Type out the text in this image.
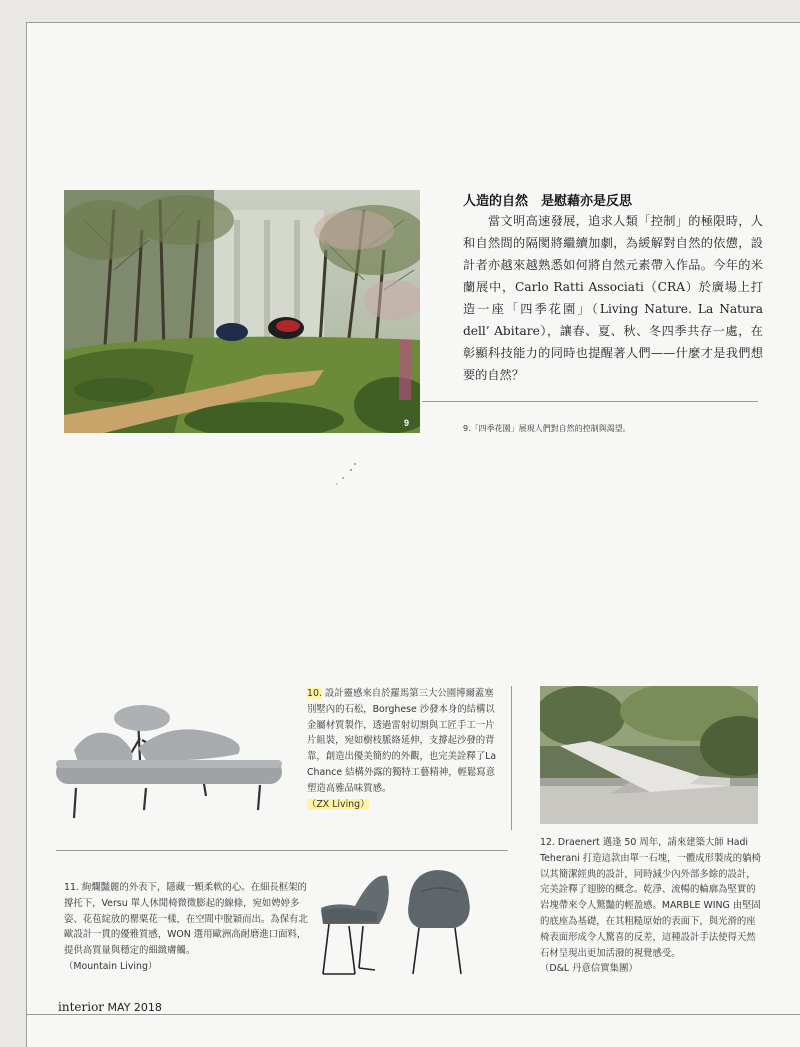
9
人造的自然　是慰藉亦是反思
　　當文明高速發展，追求人類「控制」的極限時，人和自然間的隔閡將繼續加劇，為緩解對自然的依憊，設計者亦越來越熟悉如何將自然元素帶入作品。今年的米蘭展中，Carlo Ratti Associati（CRA）於廣場上打造一座「四季花園」（Living Nature. La Natura dell’ Abitare），讓春、夏、秋、冬四季共存一處，在彰顯科技能力的同時也提醒著人們——什麼才是我們想要的自然？
9.「四季花園」展現人們對自然的控制與渴望。
10. 設計靈感來自於羅馬第三大公園博爾蓋塞別墅內的石松，Borghese 沙發本身的結構以金屬材質製作，透過雷射切割與工匠手工一片片組裝，宛如樹枝脈絡延伸，支撐起沙發的背靠，創造出優美簡約的外觀，也完美詮釋了La Chance 結構外露的獨特工藝精神，輕鬆寫意塑造高雅品味質感。
（ZX Living）
11. 絢爛豔麗的外表下，隱藏一顆柔軟的心。在細長框架的撐托下，Versu 單人休閒椅微微膨起的線條，宛如娉婷多姿、花苞綻放的罌粟花一樣，在空間中脫穎而出。為保有北歐設計一貫的優雅質感，WON 選用歐洲高耐磨進口面料，提供高質量與穩定的細緻膚觸。
（Mountain Living）
12. Draenert 邁逢 50 周年，請來建築大師 Hadi Teherani 打造這款由單一石塊，一體成形製成的躺椅以其簡潔經典的設計，同時減少內外部多餘的設計，完美詮釋了翅膀的概念。乾淨、流暢的輪廓為堅實的岩塊帶來令人驚豔的輕盈感。MARBLE WING 由堅固的底座為基礎，在其粗糙原始的表面下，與光滑的座椅表面形成令人驚喜的反差，這種設計手法使得天然石材呈現出更加活潑的視覺感受。
（D&L 丹意信實集團）
interior MAY 2018
